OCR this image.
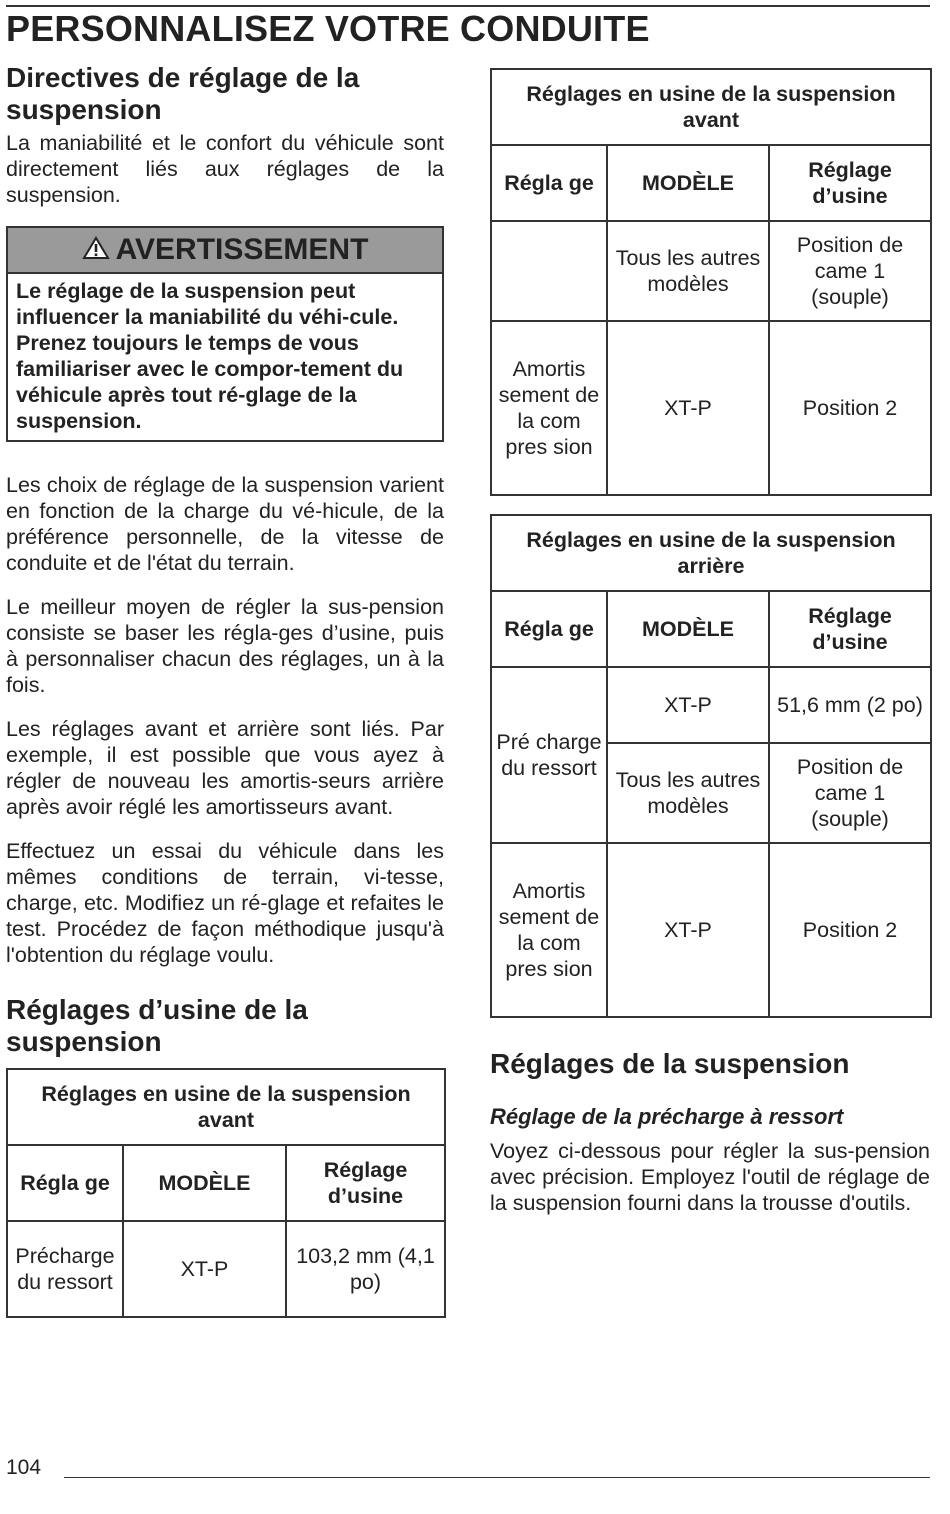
PERSONNALISEZ VOTRE CONDUITE
Directives de réglage de la suspension

La maniabilité et le confort du véhicule sont directement liés aux réglages de la suspension.

AVERTISSEMENT
Le réglage de la suspension peut influencer la maniabilité du véhi-cule. Prenez toujours le temps de vous familiariser avec le compor-tement du véhicule après tout ré-glage de la suspension.

Les choix de réglage de la suspension varient en fonction de la charge du vé-hicule, de la préférence personnelle, de la vitesse de conduite et de l'état du terrain.

Le meilleur moyen de régler la sus-pension consiste se baser les régla-ges d’usine, puis à personnaliser chacun des réglages, un à la fois.

Les réglages avant et arrière sont liés. Par exemple, il est possible que vous ayez à régler de nouveau les amortis-seurs arrière après avoir réglé les amortisseurs avant.

Effectuez un essai du véhicule dans les mêmes conditions de terrain, vi-tesse, charge, etc. Modifiez un ré-glage et refaites le test. Procédez de façon méthodique jusqu'à l'obtention du réglage voulu.

Réglages d’usine de la suspension
Réglages en usine de la suspension avant		
Régla ge	MODÈLE	Réglage d’usine
Précharge du ressort	XT-P	103,2 mm (4,1 po)
Réglages en usine de la suspension avant		
Régla ge	MODÈLE	Réglage d’usine
	Tous les autres modèles	Position de came 1 (souple)
Amortis sement de la com pres sion	XT-P	Position 2
Réglages en usine de la suspension arrière		
Régla ge	MODÈLE	Réglage d’usine
Pré charge du ressort	XT-P	51,6 mm (2 po)
	Tous les autres modèles	Position de came 1 (souple)
Amortis sement de la com pres sion	XT-P	Position 2
Réglages de la suspension
Réglage de la précharge à ressort

Voyez ci-dessous pour régler la sus-pension avec précision. Employez l'outil de réglage de la suspension fourni dans la trousse d'outils.

104
